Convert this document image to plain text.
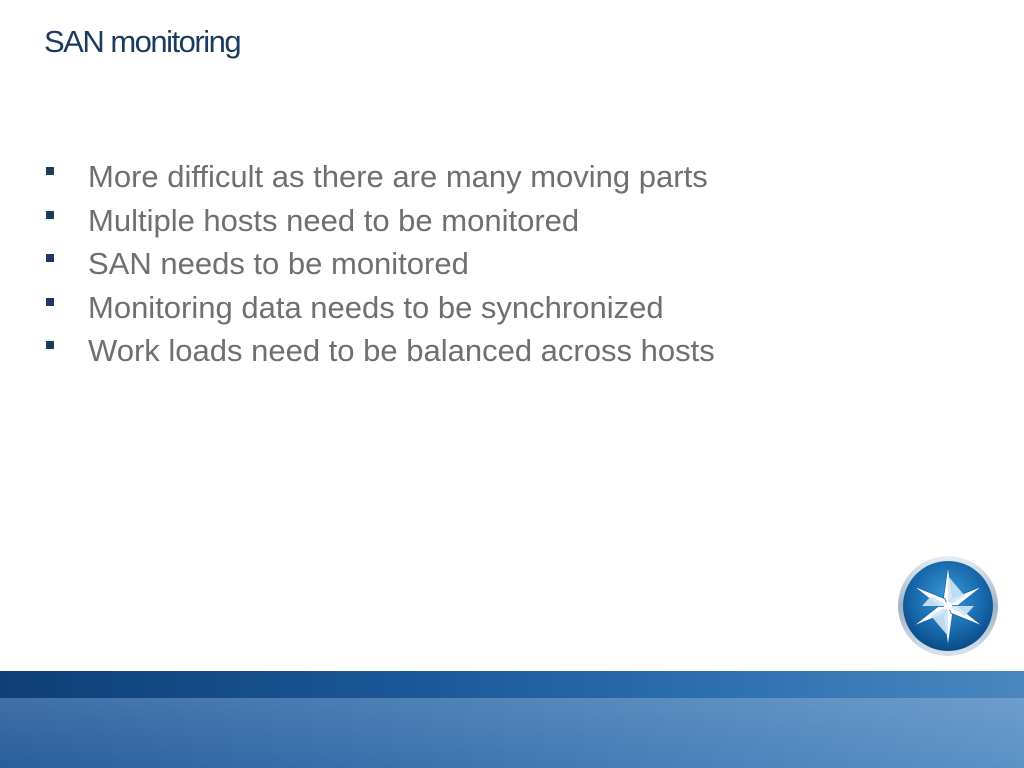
SAN monitoring
More difficult as there are many moving parts
Multiple hosts need to be monitored
SAN needs to be monitored
Monitoring data needs to be synchronized
Work loads need to be balanced across hosts
